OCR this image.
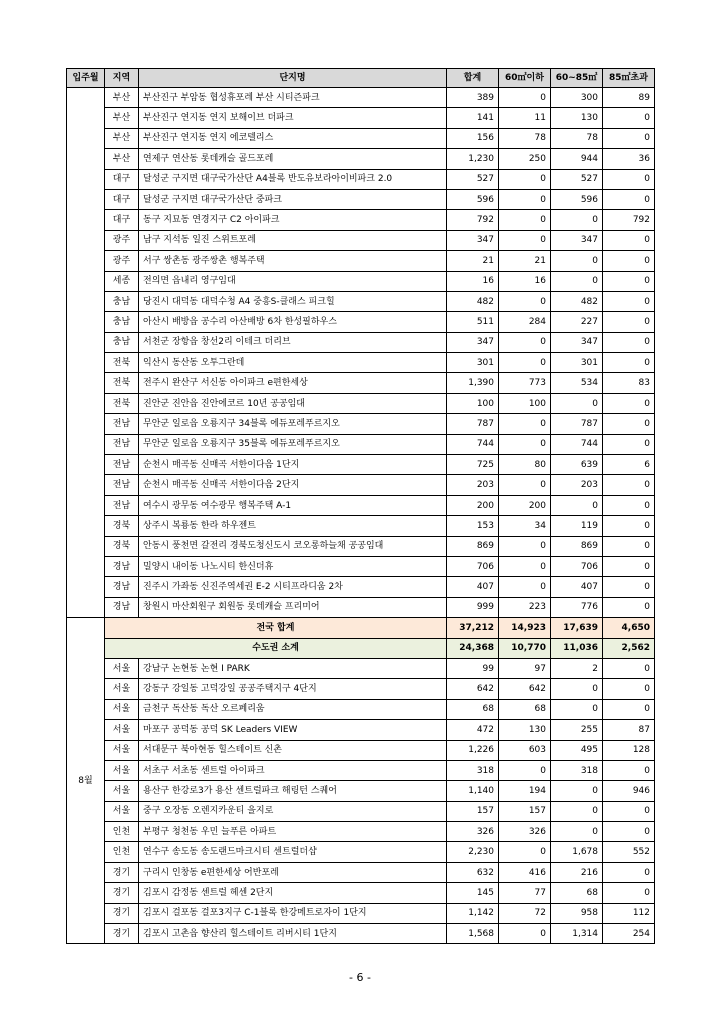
입주월	지역	단지명	합계	60㎡이하	60~85㎡	85㎡초과
	부산	부산진구 부암동 협성휴포레 부산 시티즌파크	389	0	300	89
	부산	부산진구 연지동 연지 보해이브 더파크	141	11	130	0
	부산	부산진구 연지동 연지 에코텔리스	156	78	78	0
	부산	연제구 연산동 롯데캐슬 골드포레	1,230	250	944	36
	대구	달성군 구지면 대구국가산단 A4블록 반도유보라아이비파크 2.0	527	0	527	0
	대구	달성군 구지면 대구국가산단 중파크	596	0	596	0
	대구	동구 지묘동 연경지구 C2 아이파크	792	0	0	792
	광주	남구 지석동 일진 스위트포레	347	0	347	0
	광주	서구 쌍촌동 광주쌍촌 행복주택	21	21	0	0
	세종	전의면 읍내리 영구임대	16	16	0	0
	충남	당진시 대덕동 대덕수청 A4 중흥S-클래스 피크힐	482	0	482	0
	충남	아산시 배방읍 공수리 아산배방 6차 한성필하우스	511	284	227	0
	충남	서천군 장항읍 창선2리 이테크 더리브	347	0	347	0
	전북	익산시 동산동 오투그란데	301	0	301	0
	전북	전주시 완산구 서신동 아이파크 e편한세상	1,390	773	534	83
	전북	진안군 진안읍 진안에코르 10년 공공임대	100	100	0	0
	전남	무안군 일로읍 오룡지구 34블록 에듀포레푸르지오	787	0	787	0
	전남	무안군 일로읍 오룡지구 35블록 에듀포레푸르지오	744	0	744	0
	전남	순천시 매곡동 신매곡 서한이다음 1단지	725	80	639	6
	전남	순천시 매곡동 신매곡 서한이다음 2단지	203	0	203	0
	전남	여수시 광무동 여수광무 행복주택 A-1	200	200	0	0
	경북	상주시 복룡동 한라 하우젠트	153	34	119	0
	경북	안동시 풍천면 갈전리 경북도청신도시 코오롱하늘채 공공임대	869	0	869	0
	경남	밀양시 내이동 나노시티 한신더휴	706	0	706	0
	경남	진주시 가좌동 신진주역세권 E-2 시티프라디움 2차	407	0	407	0
	경남	창원시 마산회원구 회원동 롯데캐슬 프리미어	999	223	776	0
8월	전국 합계		37,212	14,923	17,639	4,650
	수도권 소계		24,368	10,770	11,036	2,562
	서울	강남구 논현동 논현 I PARK	99	97	2	0
	서울	강동구 강일동 고덕강일 공공주택지구 4단지	642	642	0	0
	서울	금천구 독산동 독산 오르페리움	68	68	0	0
	서울	마포구 공덕동 공덕 SK Leaders VIEW	472	130	255	87
	서울	서대문구 북아현동 힐스테이트 신촌	1,226	603	495	128
	서울	서초구 서초동 센트럴 아이파크	318	0	318	0
	서울	용산구 한강로3가 용산 센트럴파크 해링턴 스퀘어	1,140	194	0	946
	서울	중구 오장동 오렌지카운티 을지로	157	157	0	0
	인천	부평구 청천동 우민 늘푸른 아파트	326	326	0	0
	인천	연수구 송도동 송도랜드마크시티 센트럴더샵	2,230	0	1,678	552
	경기	구리시 인창동 e편한세상 어반포레	632	416	216	0
	경기	김포시 감정동 센트럴 헤센 2단지	145	77	68	0
	경기	김포시 걸포동 걸포3지구 C-1블록 한강메트로자이 1단지	1,142	72	958	112
	경기	김포시 고촌읍 향산리 힐스테이트 리버시티 1단지	1,568	0	1,314	254
- 6 -
